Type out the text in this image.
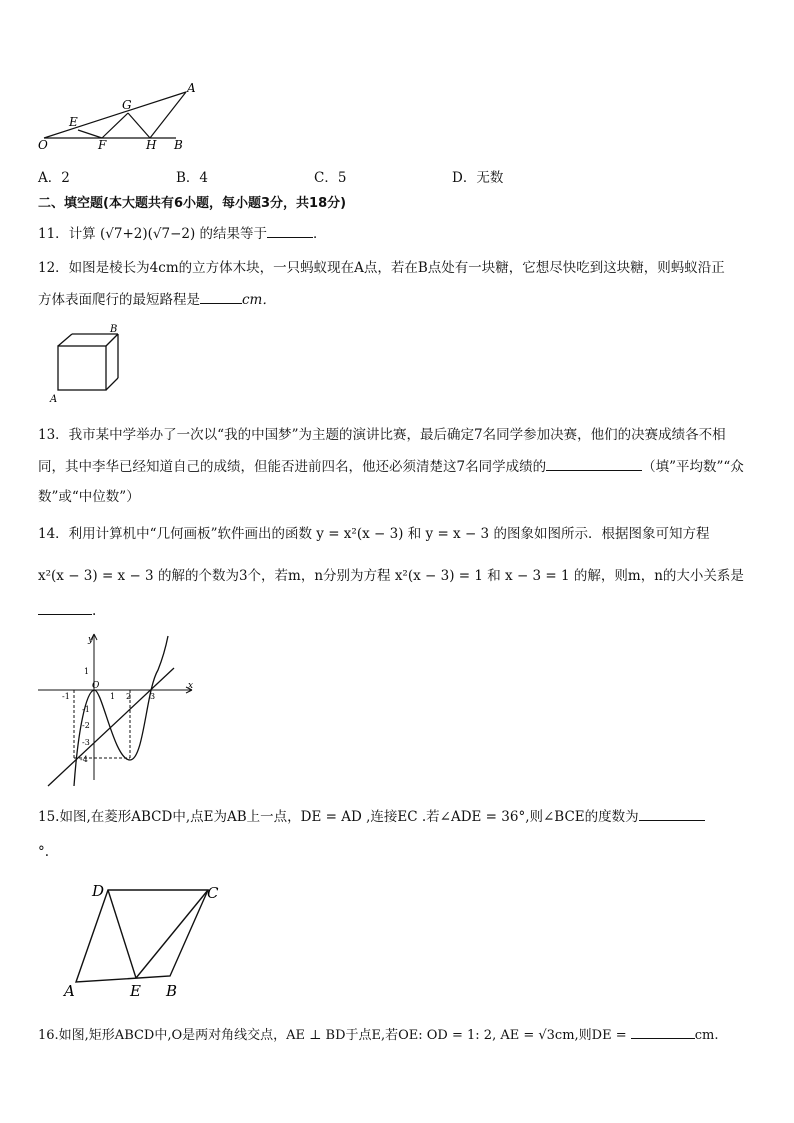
A
G
E
O	F	H B
A．2	B．4	C．5	D．无数
二、填空题(本大题共有6小题，每小题3分，共18分)
11．计算 (√7+2)(√7−2) 的结果等于	．
12．如图是棱长为4cm的立方体木块，一只蚂蚁现在A点，若在B点处有一块糖，它想尽快吃到这块糖，则蚂蚁沿正
方体表面爬行的最短路程是	cm．
B
A
13．我市某中学举办了一次以“我的中国梦”为主题的演讲比赛，最后确定7名同学参加决赛，他们的决赛成绩各不相
同，其中李华已经知道自己的成绩，但能否进前四名，他还必须清楚这7名同学成绩的	（填”平均数”“众
数”或“中位数”）
14．利用计算机中“几何画板”软件画出的函数 y = x²(x − 3) 和 y = x − 3 的图象如图所示．根据图象可知方程
x²(x − 3) = x − 3 的解的个数为3个，若m，n分别为方程 x²(x − 3) = 1 和 x − 3 = 1 的解，则m，n的大小关系是
.
y
x
O
1
-1	1 2 3
-1
-2
-3
-4
15.如图,在菱形ABCD中,点E为AB上一点，DE = AD ,连接EC .若∠ADE = 36°,则∠BCE的度数为
°.
D	C
A	E B
16.如图,矩形ABCD中,O是两对角线交点，AE ⊥ BD于点E,若OE: OD = 1: 2, AE = √3cm,则DE =	cm.
